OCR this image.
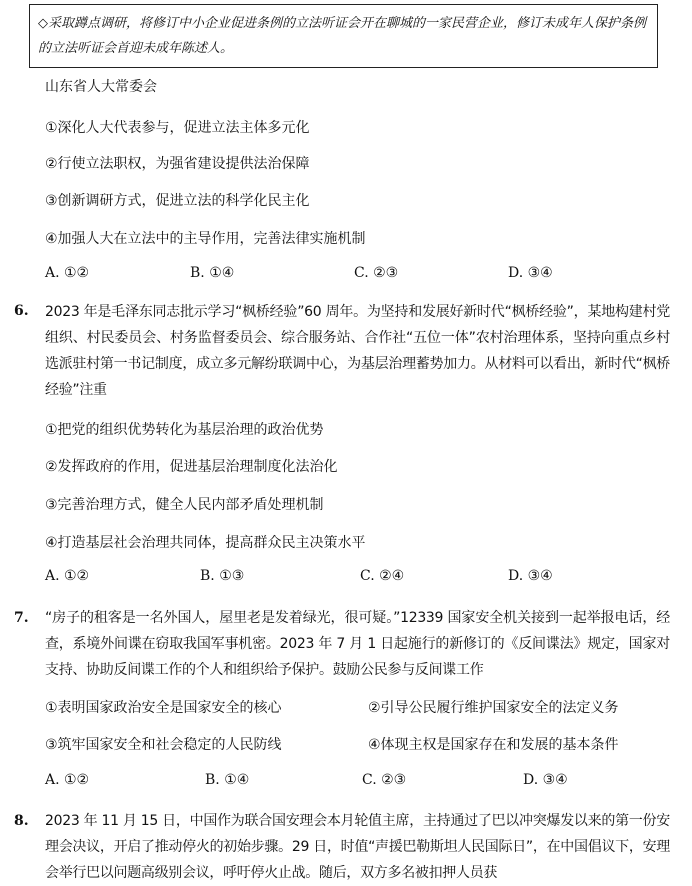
◇采取蹲点调研，将修订中小企业促进条例的立法听证会开在聊城的一家民营企业，修订未成年人保护条例的立法听证会首迎未成年陈述人。
山东省人大常委会
①深化人大代表参与，促进立法主体多元化
②行使立法职权，为强省建设提供法治保障
③创新调研方式，促进立法的科学化民主化
④加强人大在立法中的主导作用，完善法律实施机制
A. ①②	B. ①④	C. ②③	D. ③④
6. 2023 年是毛泽东同志批示学习“枫桥经验”60 周年。为坚持和发展好新时代“枫桥经验”，某地构建村党组织、村民委员会、村务监督委员会、综合服务站、合作社“五位一体”农村治理体系，坚持向重点乡村选派驻村第一书记制度，成立多元解纷联调中心，为基层治理蓄势加力。从材料可以看出，新时代“枫桥经验”注重
①把党的组织优势转化为基层治理的政治优势
②发挥政府的作用，促进基层治理制度化法治化
③完善治理方式，健全人民内部矛盾处理机制
④打造基层社会治理共同体，提高群众民主决策水平
A. ①②	B. ①③	C. ②④	D. ③④
7. “房子的租客是一名外国人，屋里老是发着绿光，很可疑。”12339 国家安全机关接到一起举报电话，经查，系境外间谍在窃取我国军事机密。2023 年 7 月 1 日起施行的新修订的《反间谍法》规定，国家对支持、协助反间谍工作的个人和组织给予保护。鼓励公民参与反间谍工作
①表明国家政治安全是国家安全的核心	②引导公民履行维护国家安全的法定义务
③筑牢国家安全和社会稳定的人民防线	④体现主权是国家存在和发展的基本条件
A. ①②	B. ①④	C. ②③	D. ③④
8. 2023 年 11 月 15 日，中国作为联合国安理会本月轮值主席，主持通过了巴以冲突爆发以来的第一份安理会决议，开启了推动停火的初始步骤。29 日，时值“声援巴勒斯坦人民国际日”，在中国倡议下，安理会举行巴以问题高级别会议，呼吁停火止战。随后，双方多名被扣押人员获
